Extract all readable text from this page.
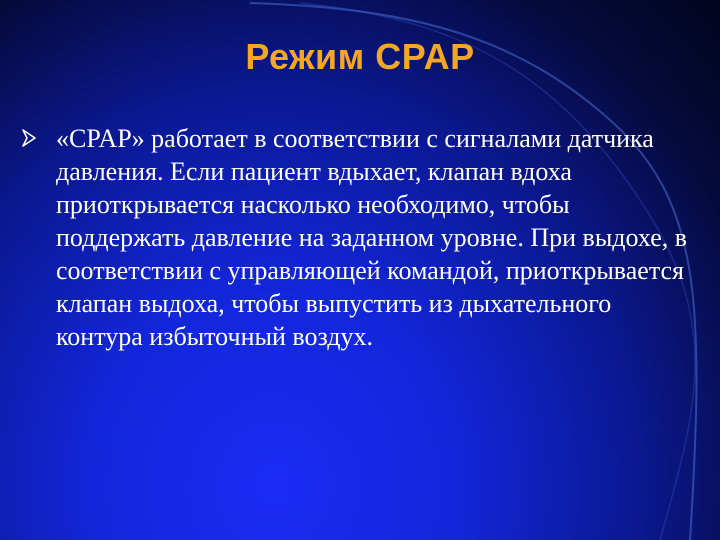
Режим CPAP
«CPAP» работает в соответствии с сигналами датчика давления. Если пациент вдыхает, клапан вдоха приоткрывается насколько необходимо, чтобы поддержать давление на заданном уровне. При выдохе, в соответствии с управляющей командой, приоткрывается клапан выдоха, чтобы выпустить из дыхательного контура избыточный воздух.
